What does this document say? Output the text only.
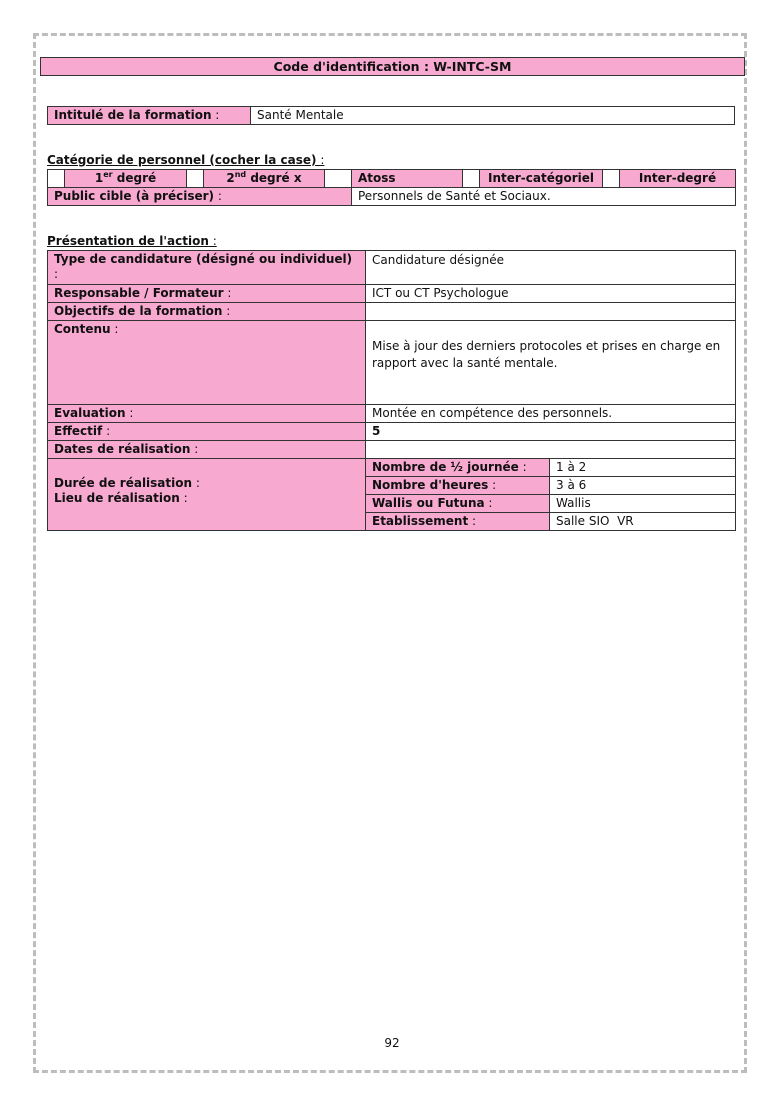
Code d'identification : W-INTC-SM
Intitulé de la formation :	Santé Mentale
Catégorie de personnel (cocher la case) :
	1er degré		2nd degré x		Atoss		Inter-catégoriel		Inter-degré
Public cible (à préciser) :					Personnels de Santé et Sociaux.				
Présentation de l'action :
Type de candidature (désigné ou individuel) :	Candidature désignée	
Responsable / Formateur :	ICT ou CT Psychologue	
Objectifs de la formation :		
Contenu :	Mise à jour des derniers protocoles et prises en charge en rapport avec la santé mentale.	
Evaluation :	Montée en compétence des personnels.	
Effectif :	5	
Dates de réalisation :		

Durée de réalisation :
Lieu de réalisation :	Nombre de ½ journée :	1 à 2
	Nombre d'heures :	3 à 6
	Wallis ou Futuna :	Wallis
	Etablissement :	Salle SIO  VR
92
